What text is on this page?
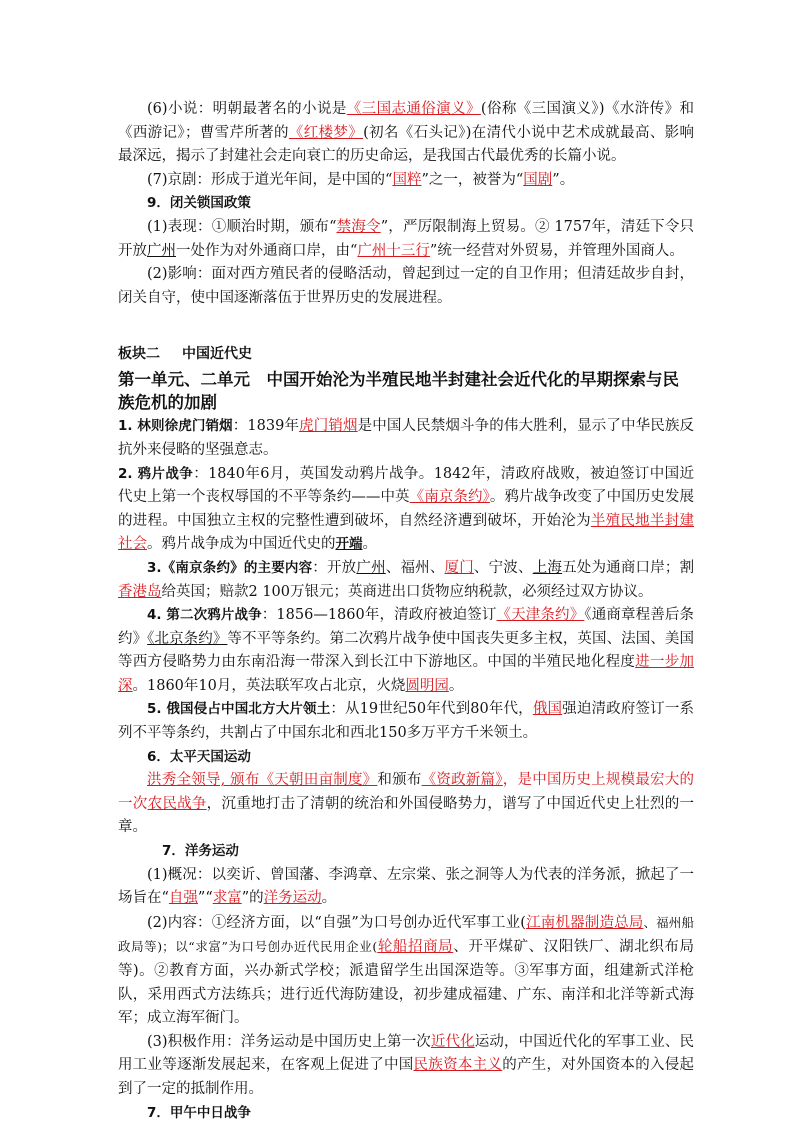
(6)小说：明朝最著名的小说是《三国志通俗演义》(俗称《三国演义》)《水浒传》和《西游记》；曹雪芹所著的《红楼梦》(初名《石头记》)在清代小说中艺术成就最高、影响最深远，揭示了封建社会走向衰亡的历史命运，是我国古代最优秀的长篇小说。

(7)京剧：形成于道光年间，是中国的“国粹”之一，被誉为“国剧”。

9．闭关锁国政策

(1)表现：①顺治时期，颁布“禁海令”，严厉限制海上贸易。② 1757年，清廷下令只开放广州一处作为对外通商口岸，由“广州十三行”统一经营对外贸易，并管理外国商人。

(2)影响：面对西方殖民者的侵略活动，曾起到过一定的自卫作用；但清廷故步自封，闭关自守，使中国逐渐落伍于世界历史的发展进程。

板块二 中国近代史
第一单元、二单元　中国开始沦为半殖民地半封建社会近代化的早期探索与民族危机的加剧

1. 林则徐虎门销烟：1839年虎门销烟是中国人民禁烟斗争的伟大胜利，显示了中华民族反抗外来侵略的坚强意志。

2. 鸦片战争：1840年6月，英国发动鸦片战争。1842年，清政府战败，被迫签订中国近代史上第一个丧权辱国的不平等条约——中英《南京条约》。鸦片战争改变了中国历史发展的进程。中国独立主权的完整性遭到破坏，自然经济遭到破坏，开始沦为半殖民地半封建社会。鸦片战争成为中国近代史的开端。

3.《南京条约》的主要内容：开放广州、福州、厦门、宁波、上海五处为通商口岸；割香港岛给英国；赔款2 100万银元；英商进出口货物应纳税款，必须经过双方协议。

4. 第二次鸦片战争：1856—1860年，清政府被迫签订《天津条约》《通商章程善后条约》《北京条约》等不平等条约。第二次鸦片战争使中国丧失更多主权，英国、法国、美国等西方侵略势力由东南沿海一带深入到长江中下游地区。中国的半殖民地化程度进一步加深。1860年10月，英法联军攻占北京，火烧圆明园。

5. 俄国侵占中国北方大片领土：从19世纪50年代到80年代，俄国强迫清政府签订一系列不平等条约，共割占了中国东北和西北150多万平方千米领土。

6．太平天国运动

洪秀全领导, 颁布《天朝田亩制度》和颁布《资政新篇》，是中国历史上规模最宏大的一次农民战争，沉重地打击了清朝的统治和外国侵略势力，谱写了中国近代史上壮烈的一章。

7．洋务运动

(1)概况：以奕䜣、曾国藩、李鸿章、左宗棠、张之洞等人为代表的洋务派，掀起了一场旨在“自强”“求富”的洋务运动。

(2)内容：①经济方面，以“自强”为口号创办近代军事工业(江南机器制造总局、福州船政局等)；以“求富”为口号创办近代民用企业(轮船招商局、开平煤矿、汉阳铁厂、湖北织布局等)。②教育方面，兴办新式学校；派遣留学生出国深造等。③军事方面，组建新式洋枪队，采用西式方法练兵；进行近代海防建设，初步建成福建、广东、南洋和北洋等新式海军；成立海军衙门。

(3)积极作用：洋务运动是中国历史上第一次近代化运动，中国近代化的军事工业、民用工业等逐渐发展起来，在客观上促进了中国民族资本主义的产生，对外国资本的入侵起到了一定的抵制作用。

7．甲午中日战争
